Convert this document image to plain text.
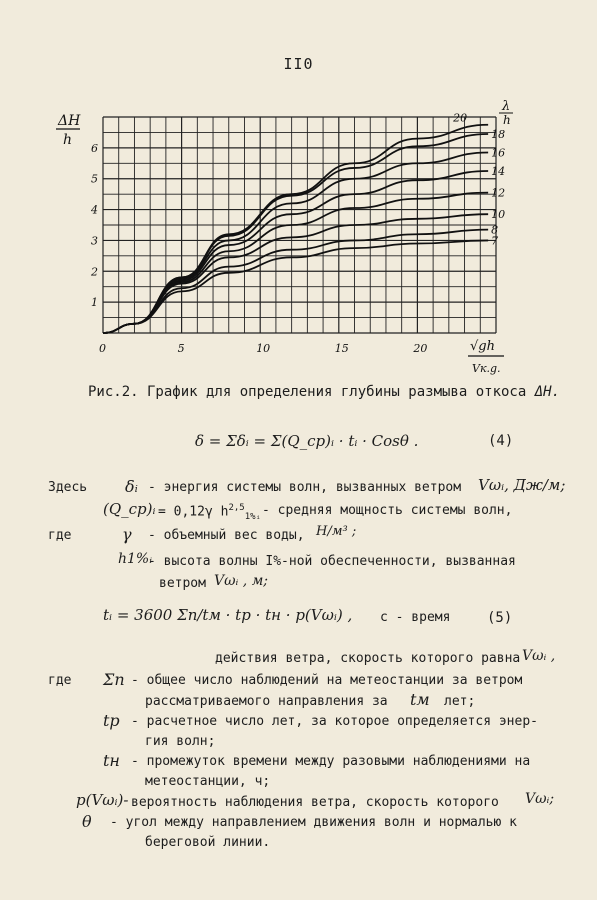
II0
20
18
16
14
12
10
8
7
0	5	10	15	20
1
2
3
4
5
6
ΔH
h
λ
h
√gh
Vк.g.
Рис.2. График для определения глубины размыва откоса ΔH.
δ = Σδᵢ = Σ(Q_cp)ᵢ · tᵢ · Cosθ .	(4)
Здесь δᵢ - энергия системы волн, вызванных ветром Vωᵢ, Дж/м;
(Q_cp)ᵢ = 0,12γ $h^{2,5}_{1\%ᵢ}$ - средняя мощность системы волн,
где	γ - объемный вес воды, Н/м³ ;
h1%ᵢ
- высота волны I%-ной обеспеченности, вызванная
ветром Vωᵢ , м;
tᵢ = 3600 Σn/tм · tр · tн · p(Vωᵢ) , с - время	(5)
действия ветра, скорость которого равна Vωᵢ ,
где Σn - общее число наблюдений на метеостанции за ветром
рассматриваемого направления за tм лет;
tр - расчетное число лет, за которое определяется энер-
гия волн;
tн - промежуток времени между разовыми наблюдениями на
метеостанции, ч;
p(Vωᵢ)- вероятность наблюдения ветра, скорость которого Vωᵢ;
θ - угол между направлением движения волн и нормалью к
береговой линии.
